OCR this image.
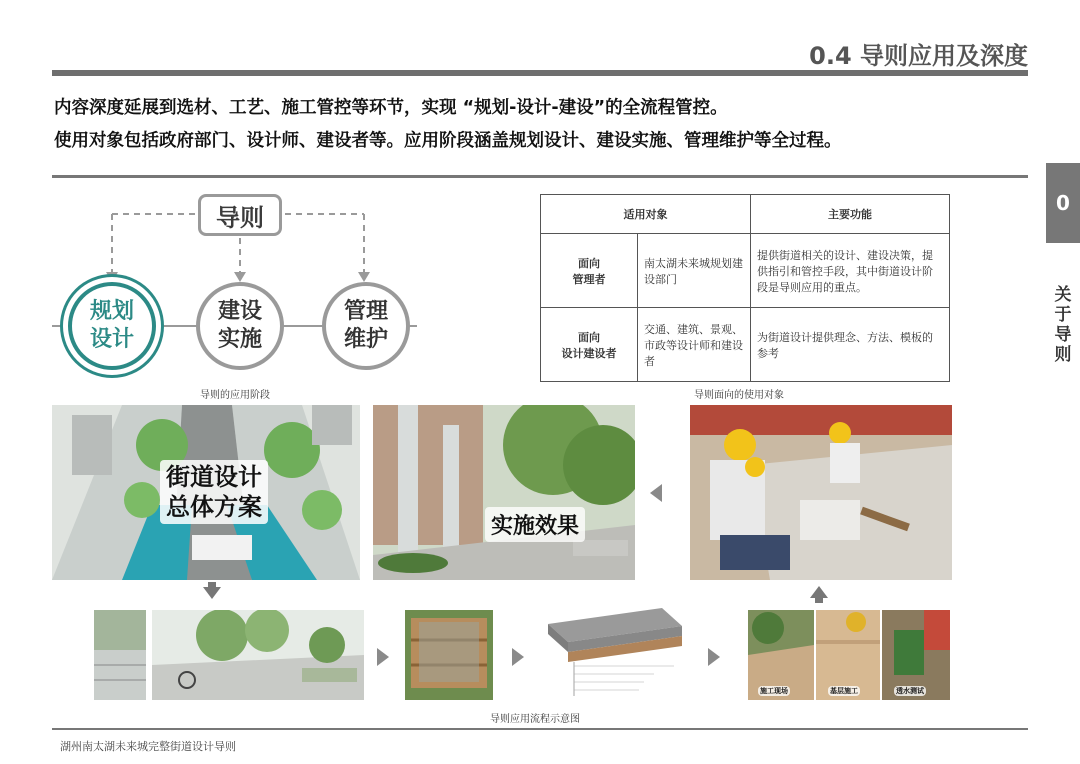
0.4 导则应用及深度
内容深度延展到选材、工艺、施工管控等环节，实现 “规划-设计-建设”的全流程管控。
使用对象包括政府部门、设计师、建设者等。应用阶段涵盖规划设计、建设实施、管理维护等全过程。
0
关于导则
导则
规划
设计
建设
实施
管理
维护
导则的应用阶段
适用对象		主要功能
面向
管理者	南太湖未来城规划建设部门	提供街道相关的设计、建设决策，提供指引和管控手段，其中街道设计阶段是导则应用的重点。
面向
设计建设者	交通、建筑、景观、市政等设计师和建设者	为街道设计提供理念、方法、模板的参考
导则面向的使用对象
街道设计
总体方案
实施效果
施工现场	基层施工	透水测试
导则应用流程示意图
湖州南太湖未来城完整街道设计导则
